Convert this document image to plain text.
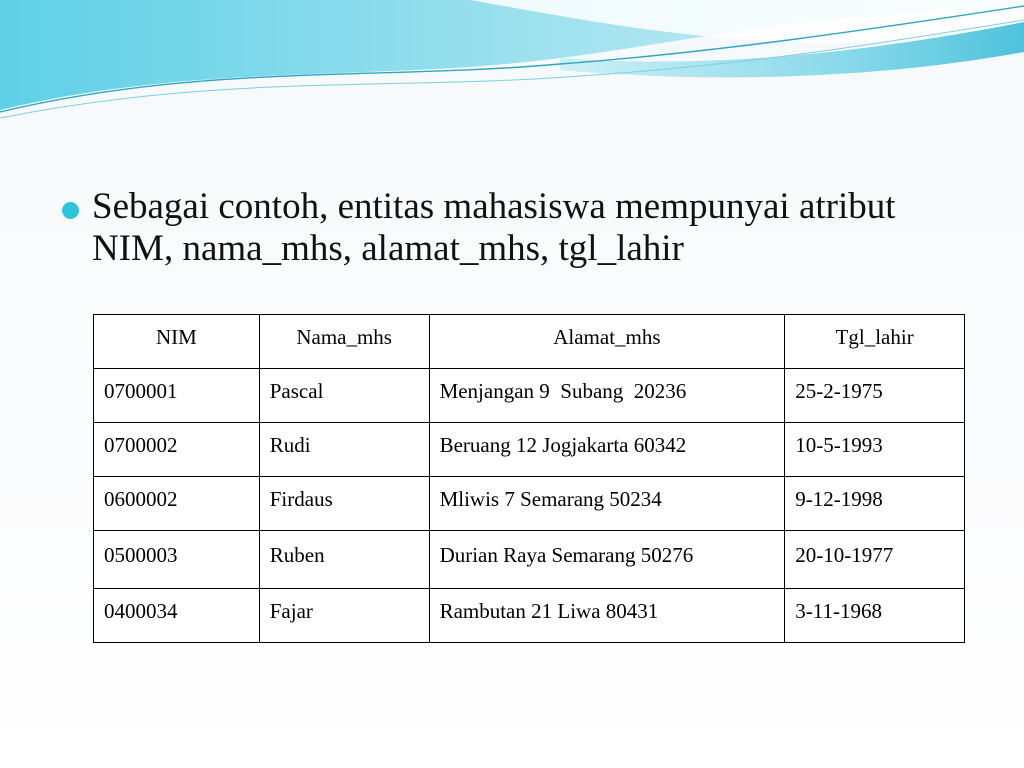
Sebagai contoh, entitas mahasiswa mempunyai atribut NIM, nama_mhs, alamat_mhs, tgl_lahir
NIM	Nama_mhs	Alamat_mhs	Tgl_lahir
0700001	Pascal	Menjangan 9  Subang  20236	25-2-1975
0700002	Rudi	Beruang 12 Jogjakarta 60342	10-5-1993
0600002	Firdaus	Mliwis 7 Semarang 50234	9-12-1998
0500003	Ruben	Durian Raya Semarang 50276	20-10-1977
0400034	Fajar	Rambutan 21 Liwa 80431	3-11-1968
